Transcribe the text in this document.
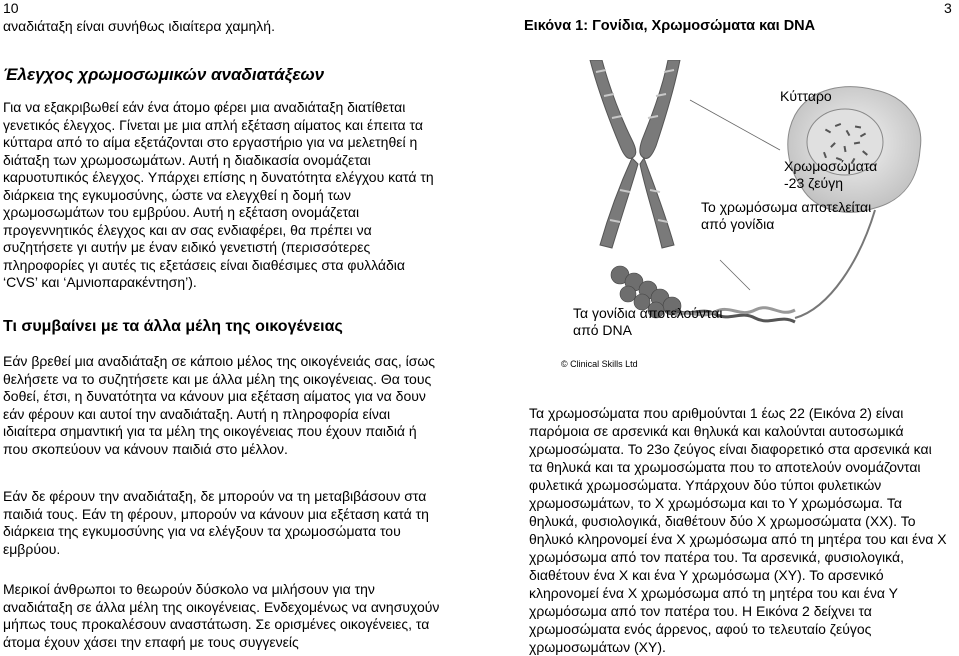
10	3
αναδιάταξη είναι συνήθως ιδιαίτερα χαμηλή.	Εικόνα 1: Γονίδια, Χρωμοσώματα και DNA
Έλεγχος χρωμοσωμικών αναδιατάξεων

Για να εξακριβωθεί εάν ένα άτομο φέρει μια αναδιάταξη διατίθεται γενετικός έλεγχος. Γίνεται με μια απλή εξέταση αίματος και έπειτα τα κύτταρα από το αίμα εξετάζονται στο εργαστήριο για να μελετηθεί η διάταξη των χρωμοσωμάτων. Αυτή η διαδικασία ονομάζεται καρυοτυπικός έλεγχος. Υπάρχει επίσης η δυνατότητα ελέγχου κατά τη διάρκεια της εγκυμοσύνης, ώστε να ελεγχθεί η δομή των χρωμοσωμάτων του εμβρύου. Αυτή η εξέταση ονομάζεται προγεννητικός έλεγχος και αν σας ενδιαφέρει, θα πρέπει να συζητήσετε γι αυτήν με έναν ειδικό γενετιστή (περισσότερες πληροφορίες γι αυτές τις εξετάσεις είναι διαθέσιμες στα φυλλάδια ‘CVS’ και ‘Αμνιοπαρακέντηση’).

Τι συμβαίνει με τα άλλα μέλη της οικογένειας

Εάν βρεθεί μια αναδιάταξη σε κάποιο μέλος της οικογένειάς σας, ίσως θελήσετε να το συζητήσετε και με άλλα μέλη της οικογένειας. Θα τους δοθεί, έτσι, η δυνατότητα να κάνουν μια εξέταση αίματος για να δουν εάν φέρουν και αυτοί την αναδιάταξη. Αυτή η πληροφορία είναι ιδιαίτερα σημαντική για τα μέλη της οικογένειας που έχουν παιδιά ή που σκοπεύουν να κάνουν παιδιά στο μέλλον.

Εάν δε φέρουν την αναδιάταξη, δε μπορούν να τη μεταβιβάσουν στα παιδιά τους. Εάν τη φέρουν, μπορούν να κάνουν μια εξέταση κατά τη διάρκεια της εγκυμοσύνης για να ελέγξουν τα χρωμοσώματα του εμβρύου.

Μερικοί άνθρωποι το θεωρούν δύσκολο να μιλήσουν για την αναδιάταξη σε άλλα μέλη της οικογένειας. Ενδεχομένως να ανησυχούν μήπως τους προκαλέσουν αναστάτωση. Σε ορισμένες οικογένειες, τα άτομα έχουν χάσει την επαφή με τους συγγενείς

Κύτταρο
Χρωμοσώματα
-23 ζεύγη
Το χρωμόσωμα αποτελείται
από γονίδια
Τα γονίδια αποτελούνται
από DNA
© Clinical Skills Ltd

Τα χρωμοσώματα που αριθμούνται 1 έως 22 (Εικόνα 2) είναι παρόμοια σε αρσενικά και θηλυκά και καλούνται αυτοσωμικά χρωμοσώματα. Το 23ο ζεύγος είναι διαφορετικό στα αρσενικά και τα θηλυκά και τα χρωμοσώματα που το αποτελούν ονομάζονται φυλετικά χρωμοσώματα. Υπάρχουν δύο τύποι φυλετικών χρωμοσωμάτων, το Χ χρωμόσωμα και το Υ χρωμόσωμα. Τα θηλυκά, φυσιολογικά, διαθέτουν δύο Χ χρωμοσώματα (ΧΧ). Το θηλυκό κληρονομεί ένα Χ χρωμόσωμα από τη μητέρα του και ένα Χ χρωμόσωμα από τον πατέρα του. Τα αρσενικά, φυσιολογικά, διαθέτουν ένα Χ και ένα Υ χρωμόσωμα (ΧΥ). Το αρσενικό κληρονομεί ένα Χ χρωμόσωμα από τη μητέρα του και ένα Υ χρωμόσωμα από τον πατέρα του. Η Εικόνα 2 δείχνει τα χρωμοσώματα ενός άρρενος, αφού το τελευταίο ζεύγος χρωμοσωμάτων (ΧΥ).
